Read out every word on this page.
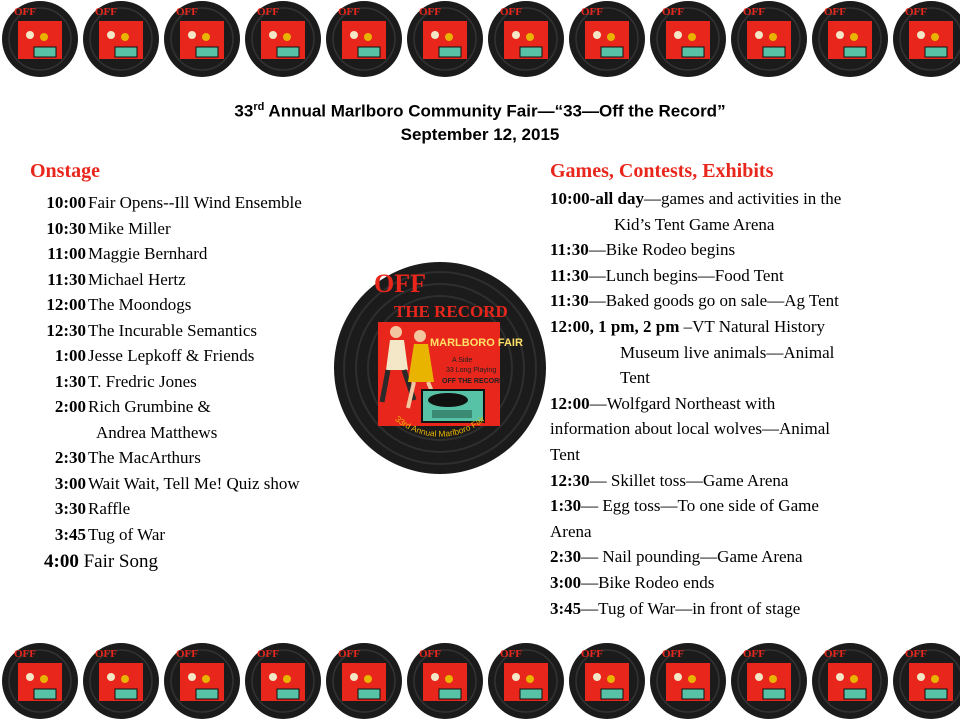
OFF	OFF	OFF	OFF	OFF	OFF	OFF	OFF	OFF	OFF	OFF	OFF
OFF	OFF	OFF	OFF	OFF	OFF	OFF	OFF	OFF	OFF	OFF	OFF
33rd Annual Marlboro Community Fair—“33—Off the Record”
September 12, 2015
Onstage
10:00 Fair Opens--Ill Wind Ensemble
10:30 Mike Miller
11:00 Maggie Bernhard
11:30 Michael Hertz
12:00 The Moondogs
12:30 The Incurable Semantics
1:00 Jesse Lepkoff & Friends
1:30 T. Fredric Jones
2:00 Rich Grumbine &
Andrea Matthews
2:30 The MacArthurs
3:00 Wait Wait, Tell Me! Quiz show
3:30 Raffle
3:45 Tug of War
4:00 Fair Song
Games, Contests, Exhibits
10:00-all day—games and activities in the
Kid’s Tent Game Arena
11:30—Bike Rodeo begins
11:30—Lunch begins—Food Tent
11:30—Baked goods go on sale—Ag Tent
12:00, 1 pm, 2 pm –VT Natural History
Museum live animals—Animal
Tent
12:00—Wolfgard Northeast with
information about local wolves—Animal
Tent
12:30— Skillet toss—Game Arena
1:30— Egg toss—To one side of Game
Arena
2:30— Nail pounding—Game Arena
3:00—Bike Rodeo ends
3:45—Tug of War—in front of stage
OFF
THE RECORD
MARLBORO FAIR
A Side
33 Long Playing
OFF THE RECORD
33rd Annual Marlboro Fair
